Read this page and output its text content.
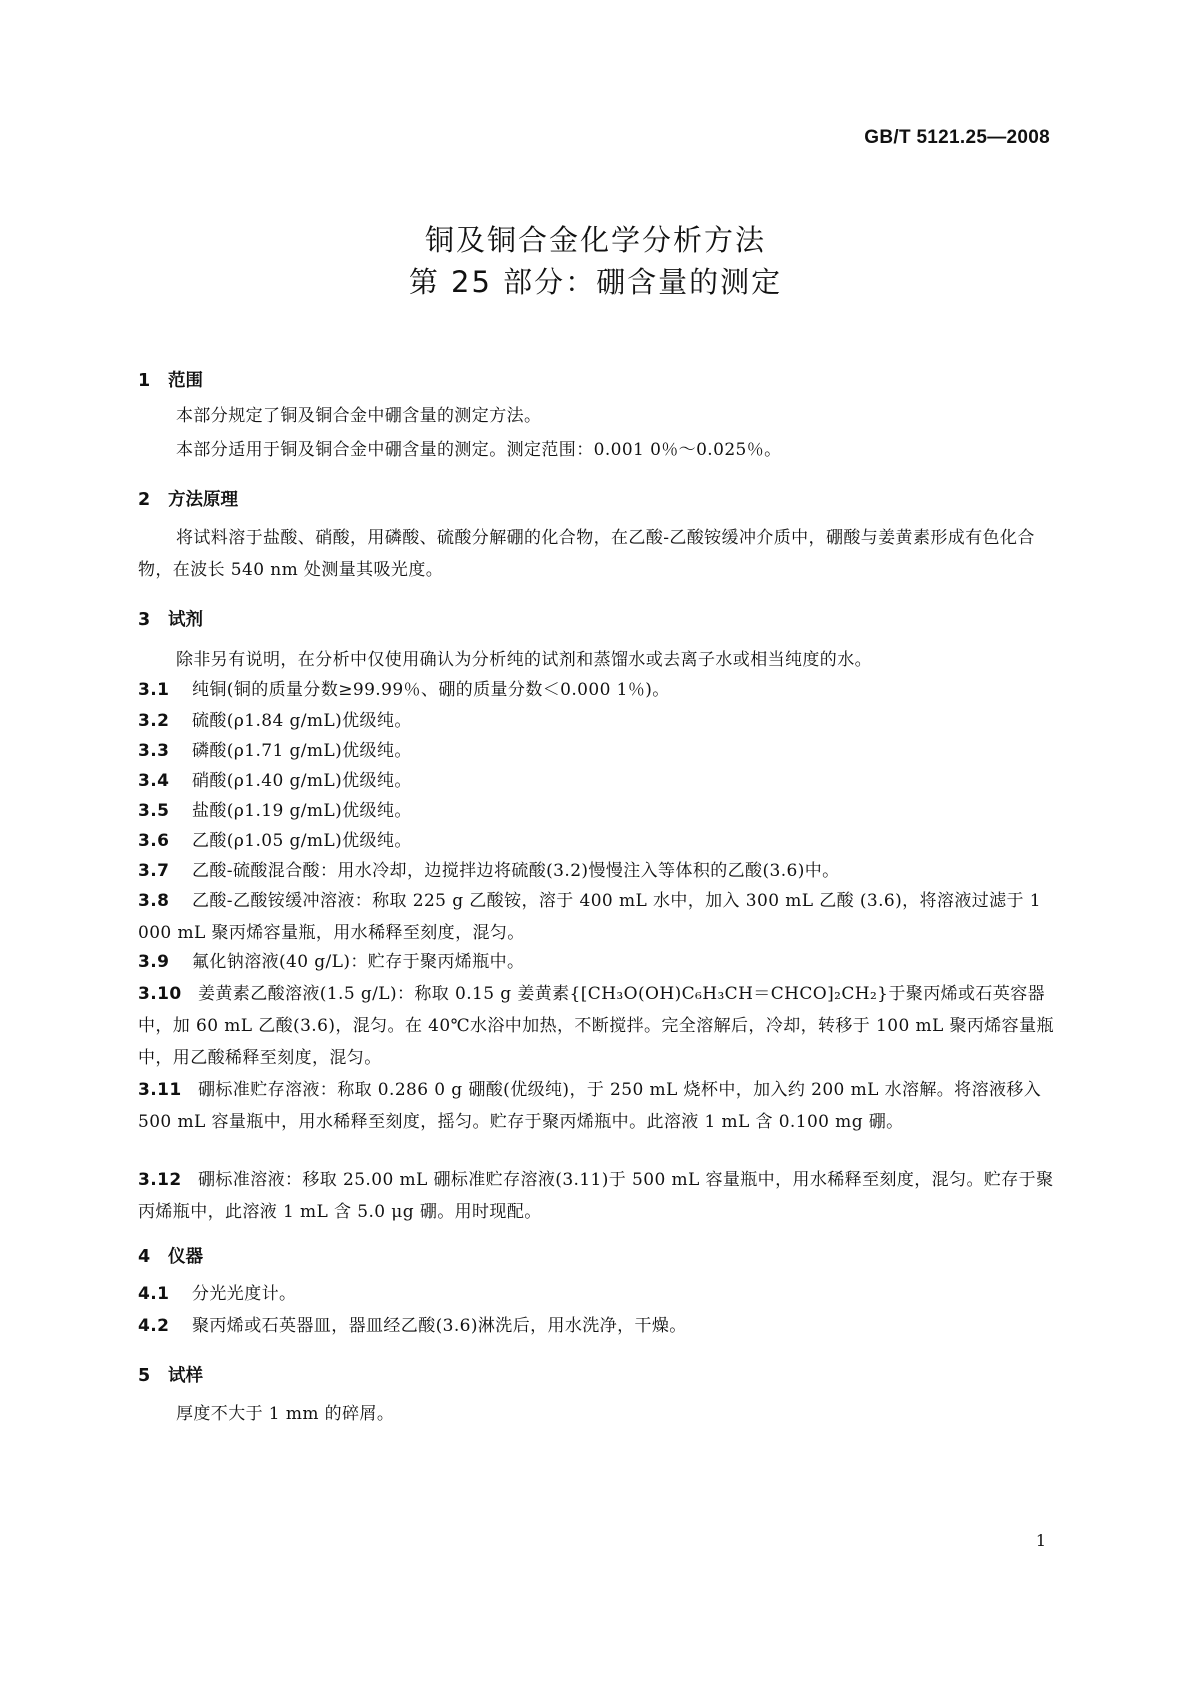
GB/T 5121.25—2008
铜及铜合金化学分析方法
第 25 部分：硼含量的测定
1 范围
本部分规定了铜及铜合金中硼含量的测定方法。
本部分适用于铜及铜合金中硼含量的测定。测定范围：0.001 0％～0.025％。
2 方法原理
将试料溶于盐酸、硝酸，用磷酸、硫酸分解硼的化合物，在乙酸-乙酸铵缓冲介质中，硼酸与姜黄素形成有色化合物，在波长 540 nm 处测量其吸光度。
3 试剂
除非另有说明，在分析中仅使用确认为分析纯的试剂和蒸馏水或去离子水或相当纯度的水。
3.1 纯铜(铜的质量分数≥99.99％、硼的质量分数＜0.000 1％)。
3.2 硫酸(ρ1.84 g/mL)优级纯。
3.3 磷酸(ρ1.71 g/mL)优级纯。
3.4 硝酸(ρ1.40 g/mL)优级纯。
3.5 盐酸(ρ1.19 g/mL)优级纯。
3.6 乙酸(ρ1.05 g/mL)优级纯。
3.7 乙酸-硫酸混合酸：用水冷却，边搅拌边将硫酸(3.2)慢慢注入等体积的乙酸(3.6)中。
3.8 乙酸-乙酸铵缓冲溶液：称取 225 g 乙酸铵，溶于 400 mL 水中，加入 300 mL 乙酸 (3.6)，将溶液过滤于 1 000 mL 聚丙烯容量瓶，用水稀释至刻度，混匀。
3.9 氟化钠溶液(40 g/L)：贮存于聚丙烯瓶中。
3.10 姜黄素乙酸溶液(1.5 g/L)：称取 0.15 g 姜黄素{[CH₃O(OH)C₆H₃CH＝CHCO]₂CH₂}于聚丙烯或石英容器中，加 60 mL 乙酸(3.6)，混匀。在 40℃水浴中加热，不断搅拌。完全溶解后，冷却，转移于 100 mL 聚丙烯容量瓶中，用乙酸稀释至刻度，混匀。
3.11 硼标准贮存溶液：称取 0.286 0 g 硼酸(优级纯)，于 250 mL 烧杯中，加入约 200 mL 水溶解。将溶液移入 500 mL 容量瓶中，用水稀释至刻度，摇匀。贮存于聚丙烯瓶中。此溶液 1 mL 含 0.100 mg 硼。
3.12 硼标准溶液：移取 25.00 mL 硼标准贮存溶液(3.11)于 500 mL 容量瓶中，用水稀释至刻度，混匀。贮存于聚丙烯瓶中，此溶液 1 mL 含 5.0 μg 硼。用时现配。
4 仪器
4.1 分光光度计。
4.2 聚丙烯或石英器皿，器皿经乙酸(3.6)淋洗后，用水洗净，干燥。
5 试样
厚度不大于 1 mm 的碎屑。
1
